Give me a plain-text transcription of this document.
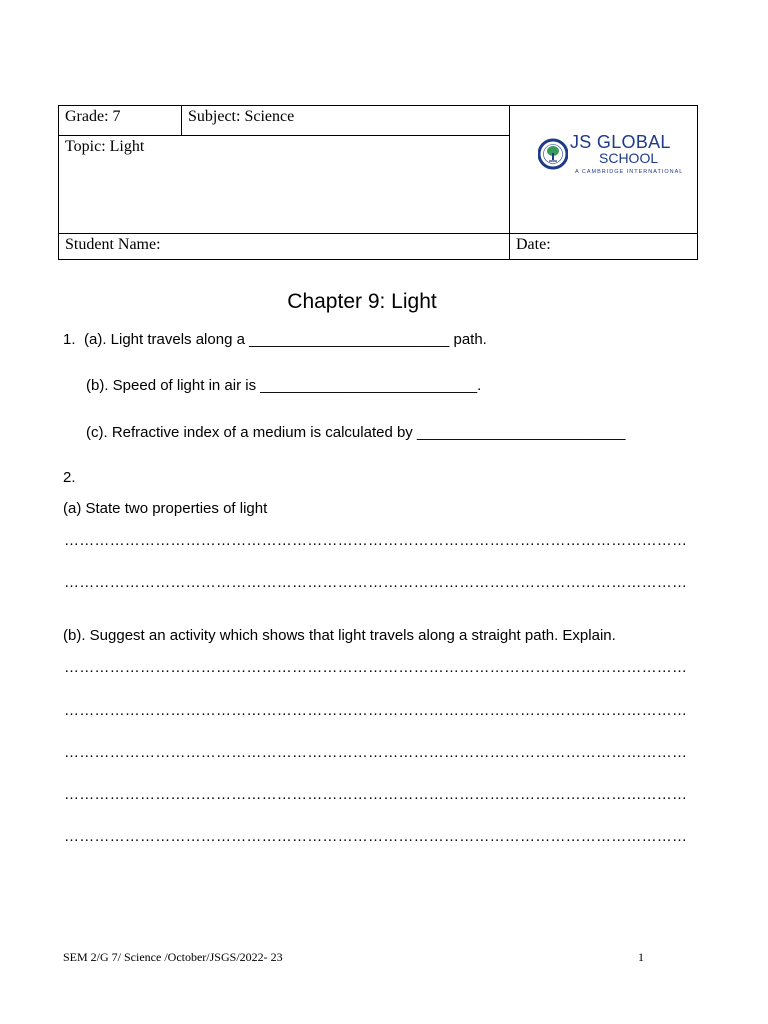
Grade: 7	Subject: Science
Topic: Light	JS GLOBAL
SCHOOL
A CAMBRIDGE INTERNATIONAL
Student Name:	Date:
Chapter 9: Light
1. (a). Light travels along a ________________________ path.
(b). Speed of light in air is __________________________.
(c). Refractive index of a medium is calculated by _________________________
2.
(a) State two properties of light
……………………………………………………………………………………………………………
……………………………………………………………………………………………………………
(b). Suggest an activity which shows that light travels along a straight path. Explain.
……………………………………………………………………………………………………………
……………………………………………………………………………………………………………
……………………………………………………………………………………………………………
……………………………………………………………………………………………………………
……………………………………………………………………………………………………………
SEM 2/G 7/ Science /October/JSGS/2022- 23	1
